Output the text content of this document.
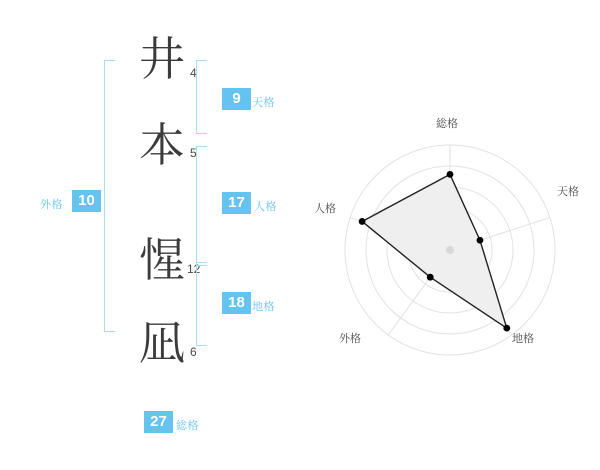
外格	10
井 4
本 5
惺 12
凪 6
9	天格
17 人格
18 地格
27 総格
総格
天格
地格
外格
人格
